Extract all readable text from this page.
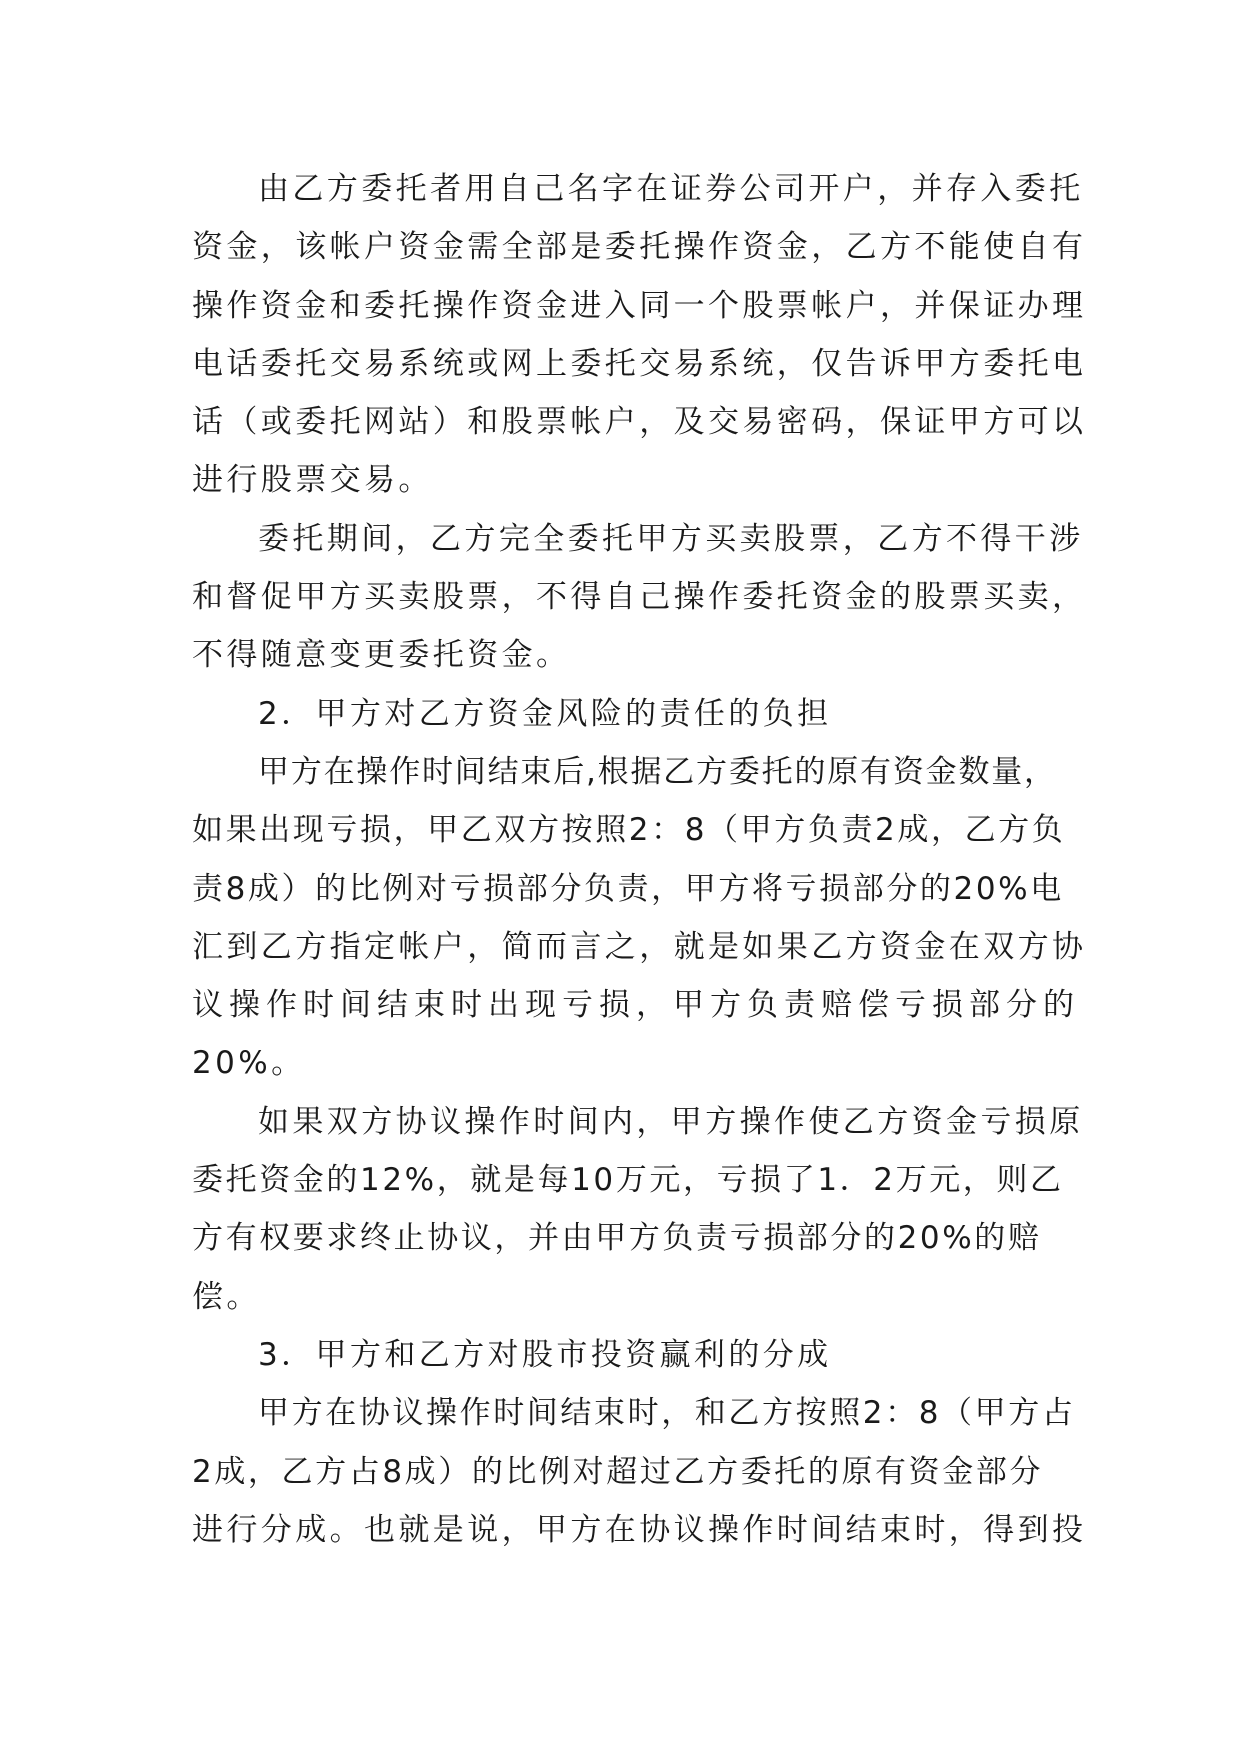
由乙方委托者用自己名字在证券公司开户，并存入委托
资金，该帐户资金需全部是委托操作资金，乙方不能使自有
操作资金和委托操作资金进入同一个股票帐户，并保证办理
电话委托交易系统或网上委托交易系统，仅告诉甲方委托电
话（或委托网站）和股票帐户，及交易密码，保证甲方可以
进行股票交易。
委托期间，乙方完全委托甲方买卖股票，乙方不得干涉
和督促甲方买卖股票，不得自己操作委托资金的股票买卖，
不得随意变更委托资金。
2．甲方对乙方资金风险的责任的负担
甲方在操作时间结束后,根据乙方委托的原有资金数量，
如果出现亏损，甲乙双方按照2：8（甲方负责2成，乙方负
责8成）的比例对亏损部分负责，甲方将亏损部分的20%电
汇到乙方指定帐户，简而言之，就是如果乙方资金在双方协
议操作时间结束时出现亏损，甲方负责赔偿亏损部分的
20%。
如果双方协议操作时间内，甲方操作使乙方资金亏损原
委托资金的12%，就是每10万元，亏损了1．2万元，则乙
方有权要求终止协议，并由甲方负责亏损部分的20%的赔
偿。
3．甲方和乙方对股市投资赢利的分成
甲方在协议操作时间结束时，和乙方按照2：8（甲方占
2成，乙方占8成）的比例对超过乙方委托的原有资金部分
进行分成。也就是说，甲方在协议操作时间结束时，得到投
